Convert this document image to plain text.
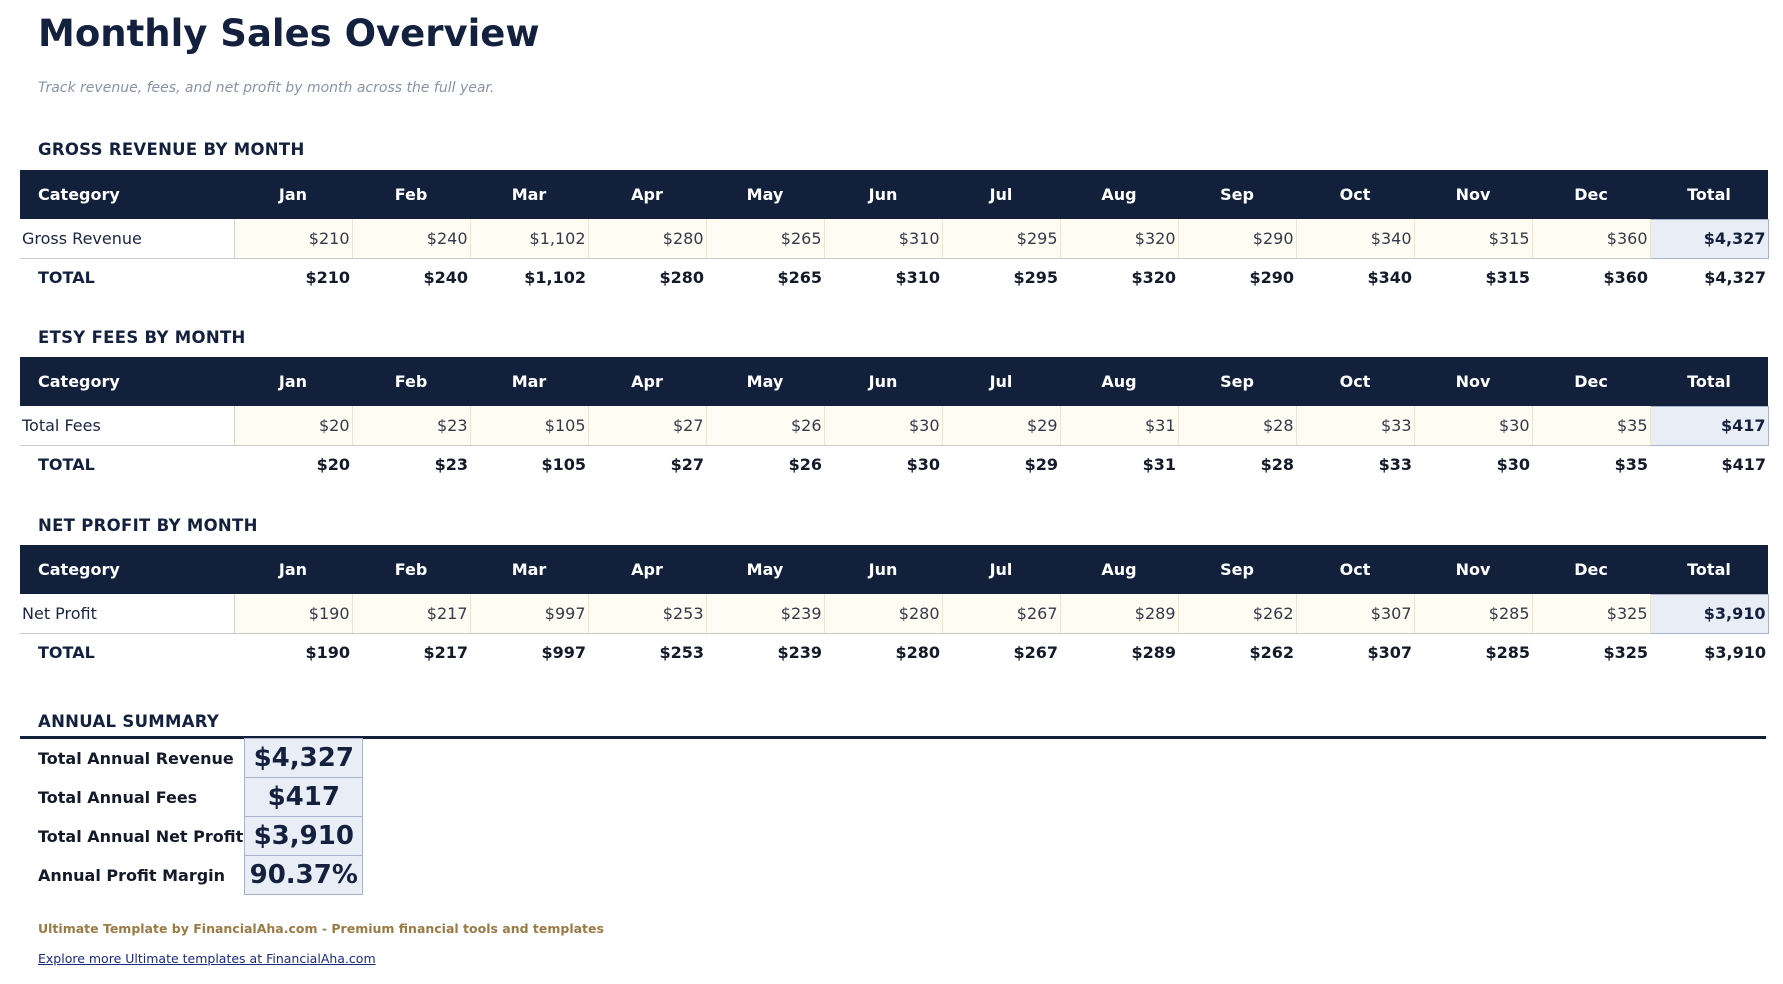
Monthly Sales Overview
Track revenue, fees, and net profit by month across the full year.
GROSS REVENUE BY MONTH
Category	Jan	Feb	Mar	Apr	May	Jun	Jul	Aug	Sep	Oct	Nov	Dec	Total
Gross Revenue	$210	$240	$1,102	$280	$265	$310	$295	$320	$290	$340	$315	$360	$4,327
TOTAL	$210	$240	$1,102	$280	$265	$310	$295	$320	$290	$340	$315	$360	$4,327
ETSY FEES BY MONTH
Category	Jan	Feb	Mar	Apr	May	Jun	Jul	Aug	Sep	Oct	Nov	Dec	Total
Total Fees	$20	$23	$105	$27	$26	$30	$29	$31	$28	$33	$30	$35	$417
TOTAL	$20	$23	$105	$27	$26	$30	$29	$31	$28	$33	$30	$35	$417
NET PROFIT BY MONTH
Category	Jan	Feb	Mar	Apr	May	Jun	Jul	Aug	Sep	Oct	Nov	Dec	Total
Net Profit	$190	$217	$997	$253	$239	$280	$267	$289	$262	$307	$285	$325	$3,910
TOTAL	$190	$217	$997	$253	$239	$280	$267	$289	$262	$307	$285	$325	$3,910
ANNUAL SUMMARY
Total Annual Revenue	$4,327
Total Annual Fees	$417
Total Annual Net Profit	$3,910
Annual Profit Margin	90.37%
Ultimate Template by FinancialAha.com - Premium financial tools and templates
Explore more Ultimate templates at FinancialAha.com
